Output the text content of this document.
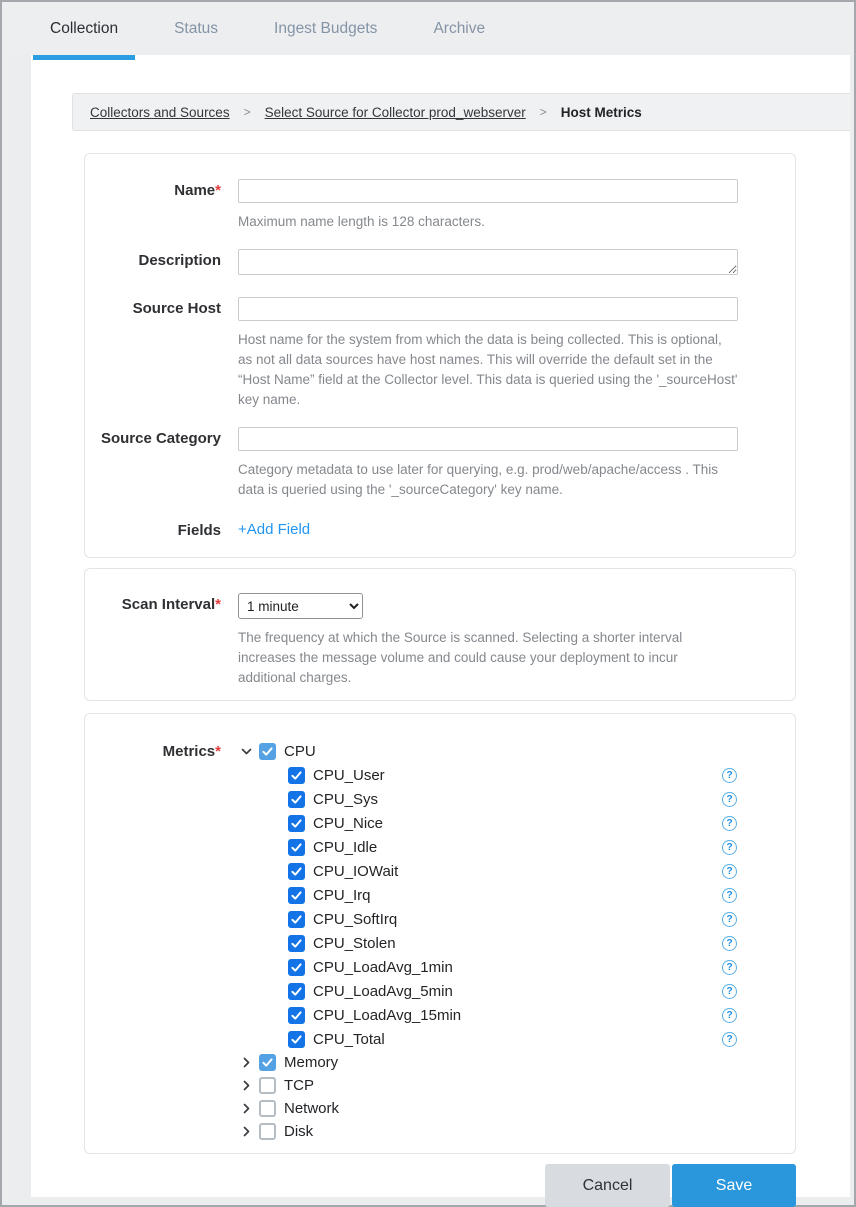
Collection	Status	Ingest Budgets	Archive
Collectors and Sources > Select Source for Collector prod_webserver > Host Metrics
Name*
Maximum name length is 128 characters.
Description
Source Host
Host name for the system from which the data is being collected. This is optional, as not all data sources have host names. This will override the default set in the “Host Name” field at the Collector level. This data is queried using the '_sourceHost' key name.
Source Category
Category metadata to use later for querying, e.g. prod/web/apache/access . This data is queried using the '_sourceCategory' key name.
Fields	+Add Field
Scan Interval*
1 minute
The frequency at which the Source is scanned. Selecting a shorter interval increases the message volume and could cause your deployment to incur additional charges.
Metrics*	CPU
CPU_User	?
CPU_Sys	?
CPU_Nice	?
CPU_Idle	?
CPU_IOWait	?
CPU_Irq	?
CPU_SoftIrq	?
CPU_Stolen	?
CPU_LoadAvg_1min	?
CPU_LoadAvg_5min	?
CPU_LoadAvg_15min	?
CPU_Total	?
Memory
TCP
Network
Disk
Cancel	Save
